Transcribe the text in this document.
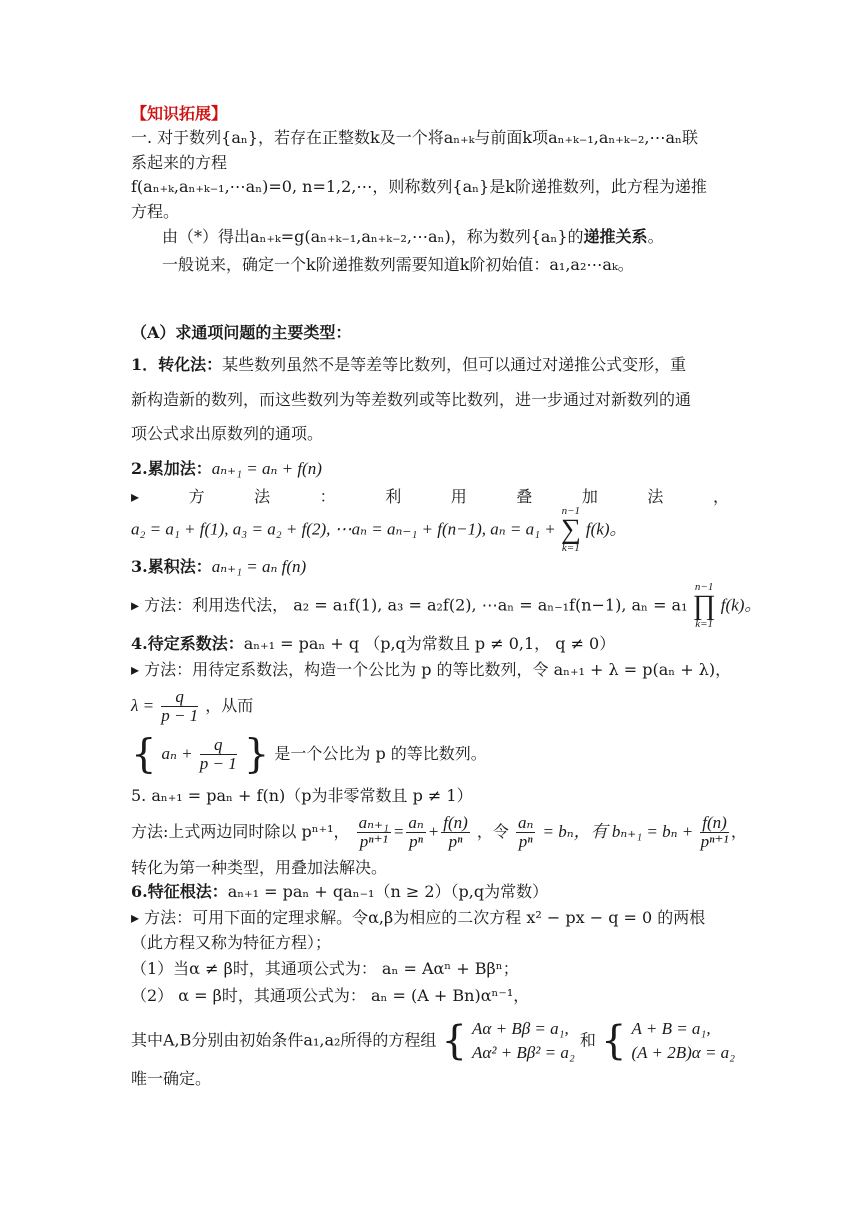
【知识拓展】
一. 对于数列{aₙ}，若存在正整数k及一个将aₙ₊ₖ与前面k项aₙ₊ₖ₋₁,aₙ₊ₖ₋₂,⋯aₙ联
系起来的方程
f(aₙ₊ₖ,aₙ₊ₖ₋₁,⋯aₙ)=0, n=1,2,⋯，则称数列{aₙ}是k阶递推数列，此方程为递推
方程。
由（*）得出aₙ₊ₖ=g(aₙ₊ₖ₋₁,aₙ₊ₖ₋₂,⋯aₙ)，称为数列{aₙ}的递推关系。
一般说来，确定一个k阶递推数列需要知道k阶初始值：a₁,a₂⋯aₖ。
（A）求通项问题的主要类型：
1．转化法：某些数列虽然不是等差等比数列，但可以通过对递推公式变形，重
新构造新的数列，而这些数列为等差数列或等比数列，进一步通过对新数列的通
项公式求出原数列的通项。
2.累加法：aₙ₊₁ = aₙ + f(n)
▸	方	法	：	利	用	叠	加	法	，
a₂ = a₁ + f(1), a₃ = a₂ + f(2), ⋯aₙ = aₙ₋₁ + f(n−1), aₙ = a₁ + n−1
∑
k=1 f(k)。
3.累积法：aₙ₊₁ = aₙ f(n)
▸ 方法：利用迭代法， a₂ = a₁f(1), a₃ = a₂f(2), ⋯aₙ = aₙ₋₁f(n−1), aₙ = a₁ n−1
∏
k=1 f(k)。
4.待定系数法：aₙ₊₁ = paₙ + q （p,q为常数且 p ≠ 0,1， q ≠ 0）
▸ 方法：用待定系数法，构造一个公比为 p 的等比数列，令 aₙ₊₁ + λ = p(aₙ + λ)，
$\lambda = \frac{q}{p - 1}$ ，从而
{ $a_n + \frac{q}{p - 1}$ } 是一个公比为 p 的等比数列。
5. aₙ₊₁ = paₙ + f(n)（p为非零常数且 p ≠ 1）
方法:上式两边同时除以 pⁿ⁺¹， $\frac{\text{aₙ₊₁}}{\text{pⁿ⁺¹}} = \frac{\text{aₙ}}{\text{pⁿ}} + \frac{f(n)}{\text{pⁿ}}$ ，令 $\frac{\text{aₙ}}{\text{pⁿ}} = b_n$，有 $b_{n+1} = b_n + \frac{f(n)}{\text{pⁿ⁺¹}}$ ，
转化为第一种类型，用叠加法解决。
6.特征根法：aₙ₊₁ = paₙ + qaₙ₋₁（n ≥ 2）（p,q为常数）
▸ 方法：可用下面的定理求解。令α,β为相应的二次方程 x² − px − q = 0 的两根
（此方程又称为特征方程）；
（1）当α ≠ β时，其通项公式为： aₙ = Aαⁿ + Bβⁿ；
（2） α = β时，其通项公式为： aₙ = (A + Bn)αⁿ⁻¹，
其中A,B分别由初始条件a₁,a₂所得的方程组 { Aα + Bβ = a₁,
Aα² + Bβ² = a₂
和 { A + B = a₁,
(A + 2B)α = a₂
唯一确定。
